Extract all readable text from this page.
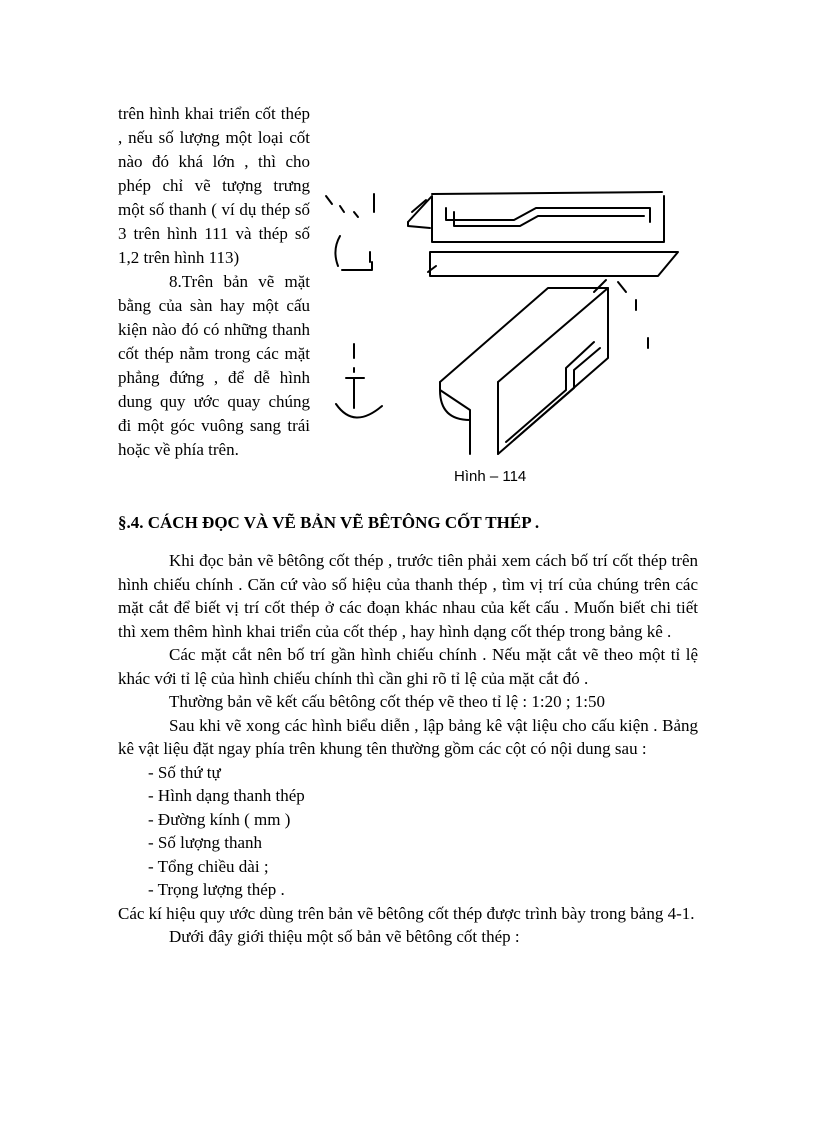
trên hình khai triển cốt thép , nếu số lượng một loại cốt nào đó khá lớn , thì cho phép chỉ vẽ tượng trưng một số thanh ( ví dụ thép số 3 trên hình 111 và thép số 1,2 trên hình 113)

8.Trên bản vẽ mặt bằng của sàn hay một cấu kiện nào đó có những thanh cốt thép nằm trong các mặt phẳng đứng , để dễ hình dung quy ước quay chúng đi một góc vuông sang trái hoặc về phía trên.

Hình – 114
§.4. CÁCH ĐỌC VÀ VẼ BẢN VẼ BÊTÔNG CỐT THÉP .

Khi đọc bản vẽ bêtông cốt thép , trước tiên phải xem cách bố trí cốt thép trên hình chiếu chính . Căn cứ vào số hiệu của thanh thép , tìm vị trí của chúng trên các mặt cắt để biết vị trí cốt thép ở các đoạn khác nhau của kết cấu . Muốn biết chi tiết thì xem thêm hình khai triển của cốt thép , hay hình dạng cốt thép trong bảng kê .

Các mặt cắt nên bố trí gần hình chiếu chính . Nếu mặt cắt vẽ theo một tỉ lệ khác với tỉ lệ của hình chiếu chính thì cần ghi rõ tỉ lệ của mặt cắt đó .

Thường bản vẽ kết cấu bêtông cốt thép vẽ theo tỉ lệ : 1:20 ; 1:50

Sau khi vẽ xong các hình biểu diễn , lập bảng kê vật liệu cho cấu kiện . Bảng kê vật liệu đặt ngay phía trên khung tên thường gồm các cột có nội dung sau :

- Số thứ tự
- Hình dạng thanh thép
- Đường kính ( mm )
- Số lượng thanh
- Tổng chiều dài ;
- Trọng lượng thép .

Các kí hiệu quy ước dùng trên bản vẽ bêtông cốt thép được trình bày trong bảng 4-1.

Dưới đây giới thiệu một số bản vẽ bêtông cốt thép :
